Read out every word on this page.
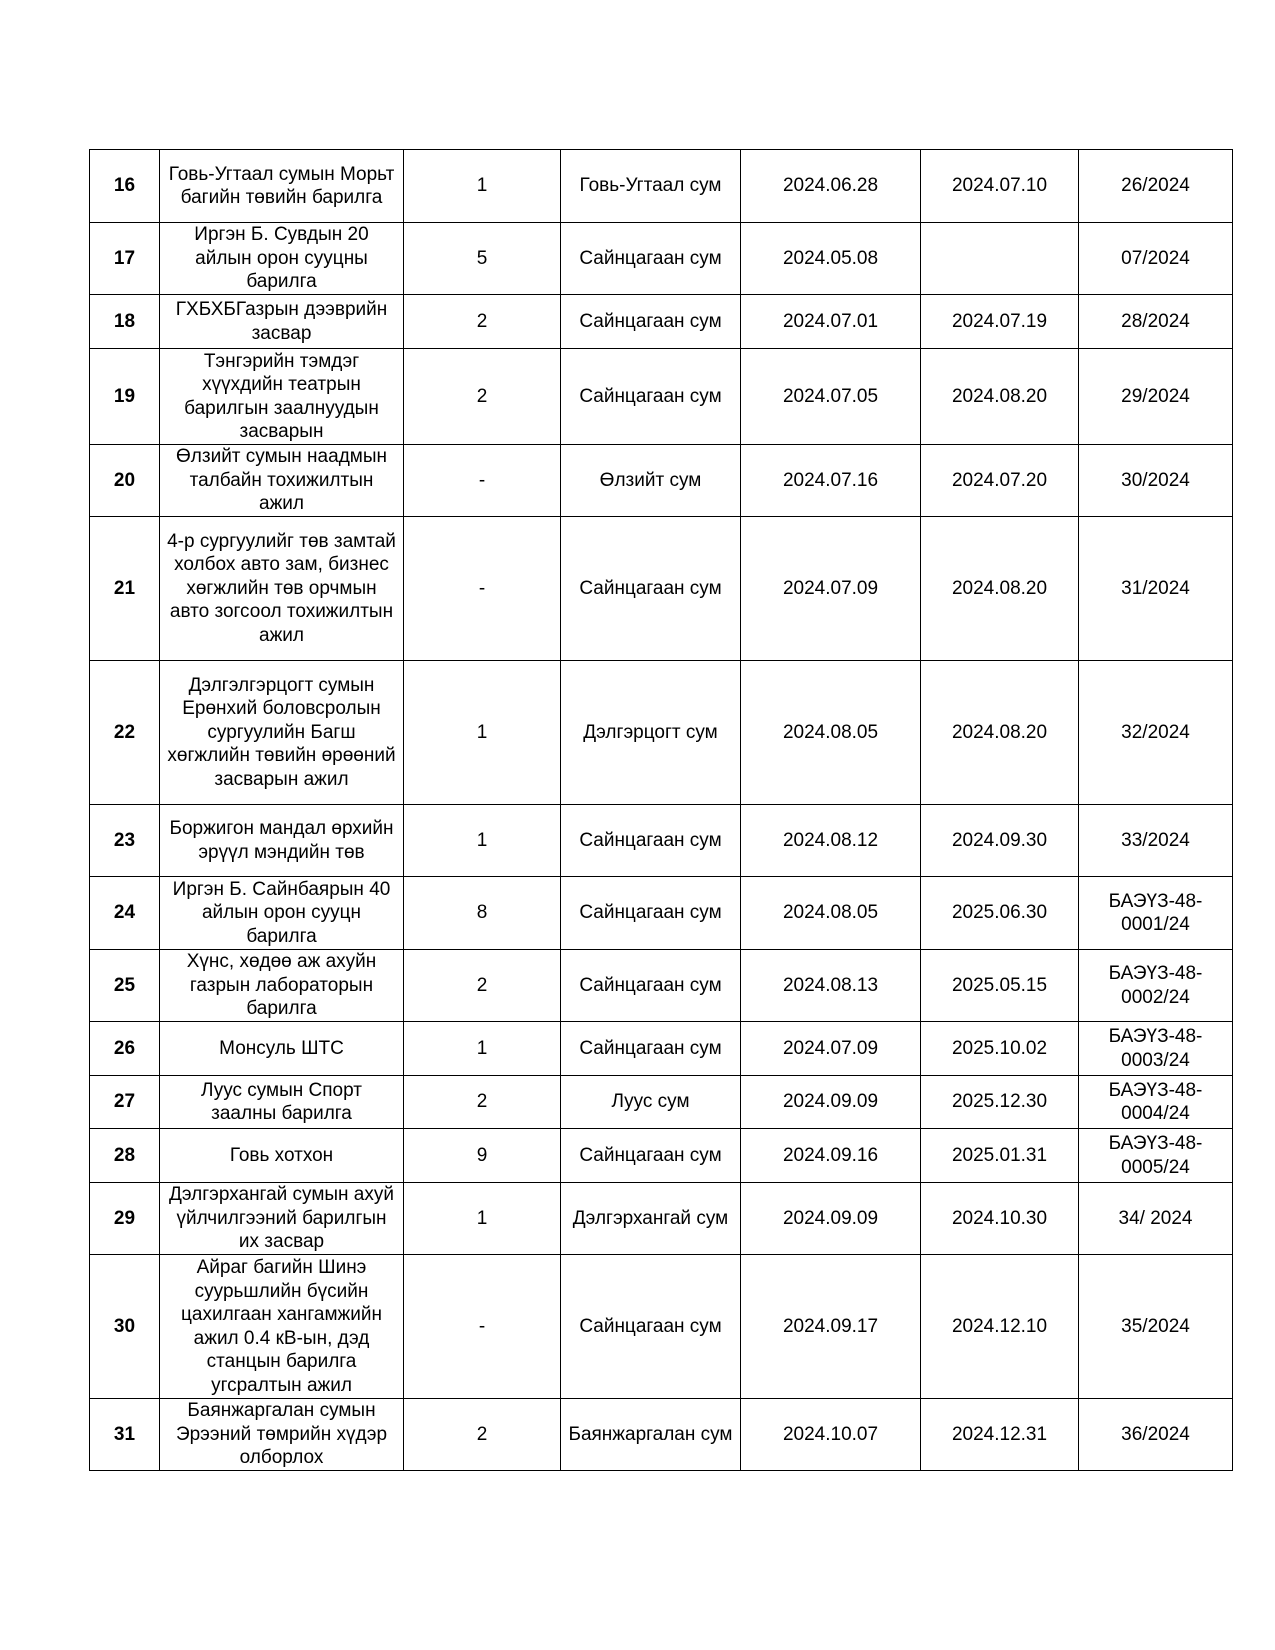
16	Говь-Угтаал сумын Морьт багийн төвийн барилга	1	Говь-Угтаал сум	2024.06.28	2024.07.10	26/2024
17	Иргэн Б. Сувдын 20 айлын орон сууцны барилга	5	Сайнцагаан сум	2024.05.08		07/2024
18	ГХБХБГазрын дээврийн засвар	2	Сайнцагаан сум	2024.07.01	2024.07.19	28/2024
19	Тэнгэрийн тэмдэг хүүхдийн театрын барилгын заалнуудын засварын	2	Сайнцагаан сум	2024.07.05	2024.08.20	29/2024
20	Өлзийт сумын наадмын талбайн тохижилтын ажил	-	Өлзийт сум	2024.07.16	2024.07.20	30/2024
21	4-р сургуулийг төв замтай холбох авто зам, бизнес хөгжлийн төв орчмын авто зогсоол тохижилтын ажил	-	Сайнцагаан сум	2024.07.09	2024.08.20	31/2024
22	Дэлгэлгэрцогт сумын Ерөнхий боловсролын сургуулийн Багш хөгжлийн төвийн өрөөний засварын ажил	1	Дэлгэрцогт сум	2024.08.05	2024.08.20	32/2024
23	Боржигон мандал өрхийн эрүүл мэндийн төв	1	Сайнцагаан сум	2024.08.12	2024.09.30	33/2024
24	Иргэн Б. Сайнбаярын 40 айлын орон сууцн барилга	8	Сайнцагаан сум	2024.08.05	2025.06.30	БАЭҮЗ-48-0001/24
25	Хүнс, хөдөө аж ахуйн газрын лабораторын барилга	2	Сайнцагаан сум	2024.08.13	2025.05.15	БАЭҮЗ-48-0002/24
26	Монсуль ШТС	1	Сайнцагаан сум	2024.07.09	2025.10.02	БАЭҮЗ-48-0003/24
27	Луус сумын Спорт заалны барилга	2	Луус сум	2024.09.09	2025.12.30	БАЭҮЗ-48-0004/24
28	Говь хотхон	9	Сайнцагаан сум	2024.09.16	2025.01.31	БАЭҮЗ-48-0005/24
29	Дэлгэрхангай сумын ахуй үйлчилгээний барилгын их засвар	1	Дэлгэрхангай сум	2024.09.09	2024.10.30	34/ 2024
30	Айраг багийн Шинэ суурьшлийн бүсийн цахилгаан хангамжийн ажил 0.4 кВ-ын, дэд станцын барилга угсралтын ажил	-	Сайнцагаан сум	2024.09.17	2024.12.10	35/2024
31	Баянжаргалан сумын Эрээний төмрийн хүдэр олборлох	2	Баянжаргалан сум	2024.10.07	2024.12.31	36/2024
